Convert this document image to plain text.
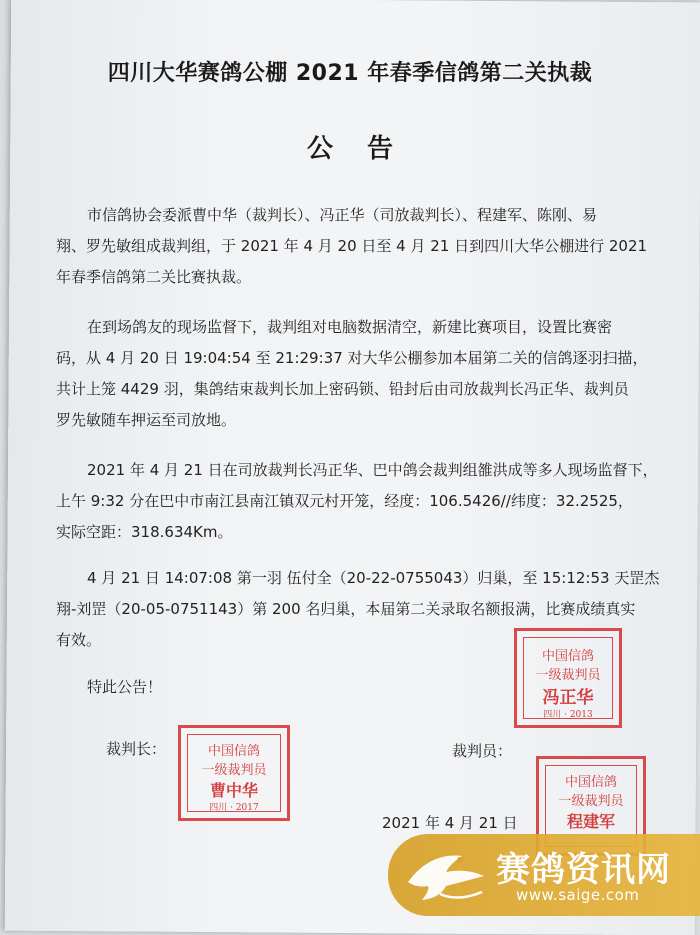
四川大华赛鸽公棚 2021 年春季信鸽第二关执裁
公告
市信鸽协会委派曹中华（裁判长）、冯正华（司放裁判长）、程建军、陈刚、易
翔、罗先敏组成裁判组，于 2021 年 4 月 20 日至 4 月 21 日到四川大华公棚进行 2021
年春季信鸽第二关比赛执裁。
在到场鸽友的现场监督下，裁判组对电脑数据清空，新建比赛项目，设置比赛密
码，从 4 月 20 日 19:04:54 至 21:29:37 对大华公棚参加本届第二关的信鸽逐羽扫描，
共计上笼 4429 羽，集鸽结束裁判长加上密码锁、铅封后由司放裁判长冯正华、裁判员
罗先敏随车押运至司放地。
2021 年 4 月 21 日在司放裁判长冯正华、巴中鸽会裁判组雒洪成等多人现场监督下，
上午 9:32 分在巴中市南江县南江镇双元村开笼，经度：106.5426//纬度：32.2525，
实际空距：318.634Km。
4 月 21 日 14:07:08 第一羽 伍付全（20-22-0755043）归巢，至 15:12:53 天罡杰
翔-刘罡（20-05-0751143）第 200 名归巢，本届第二关录取名额报满，比赛成绩真实
有效。
特此公告！
裁判长：	裁判员：
2021 年 4 月 21 日
中国信鸽
一级裁判员
冯正华
四川 · 2013
中国信鸽
一级裁判员
曹中华
四川 · 2017
中国信鸽
一级裁判员
程建军
赛鸽资讯网
www.saige.com
